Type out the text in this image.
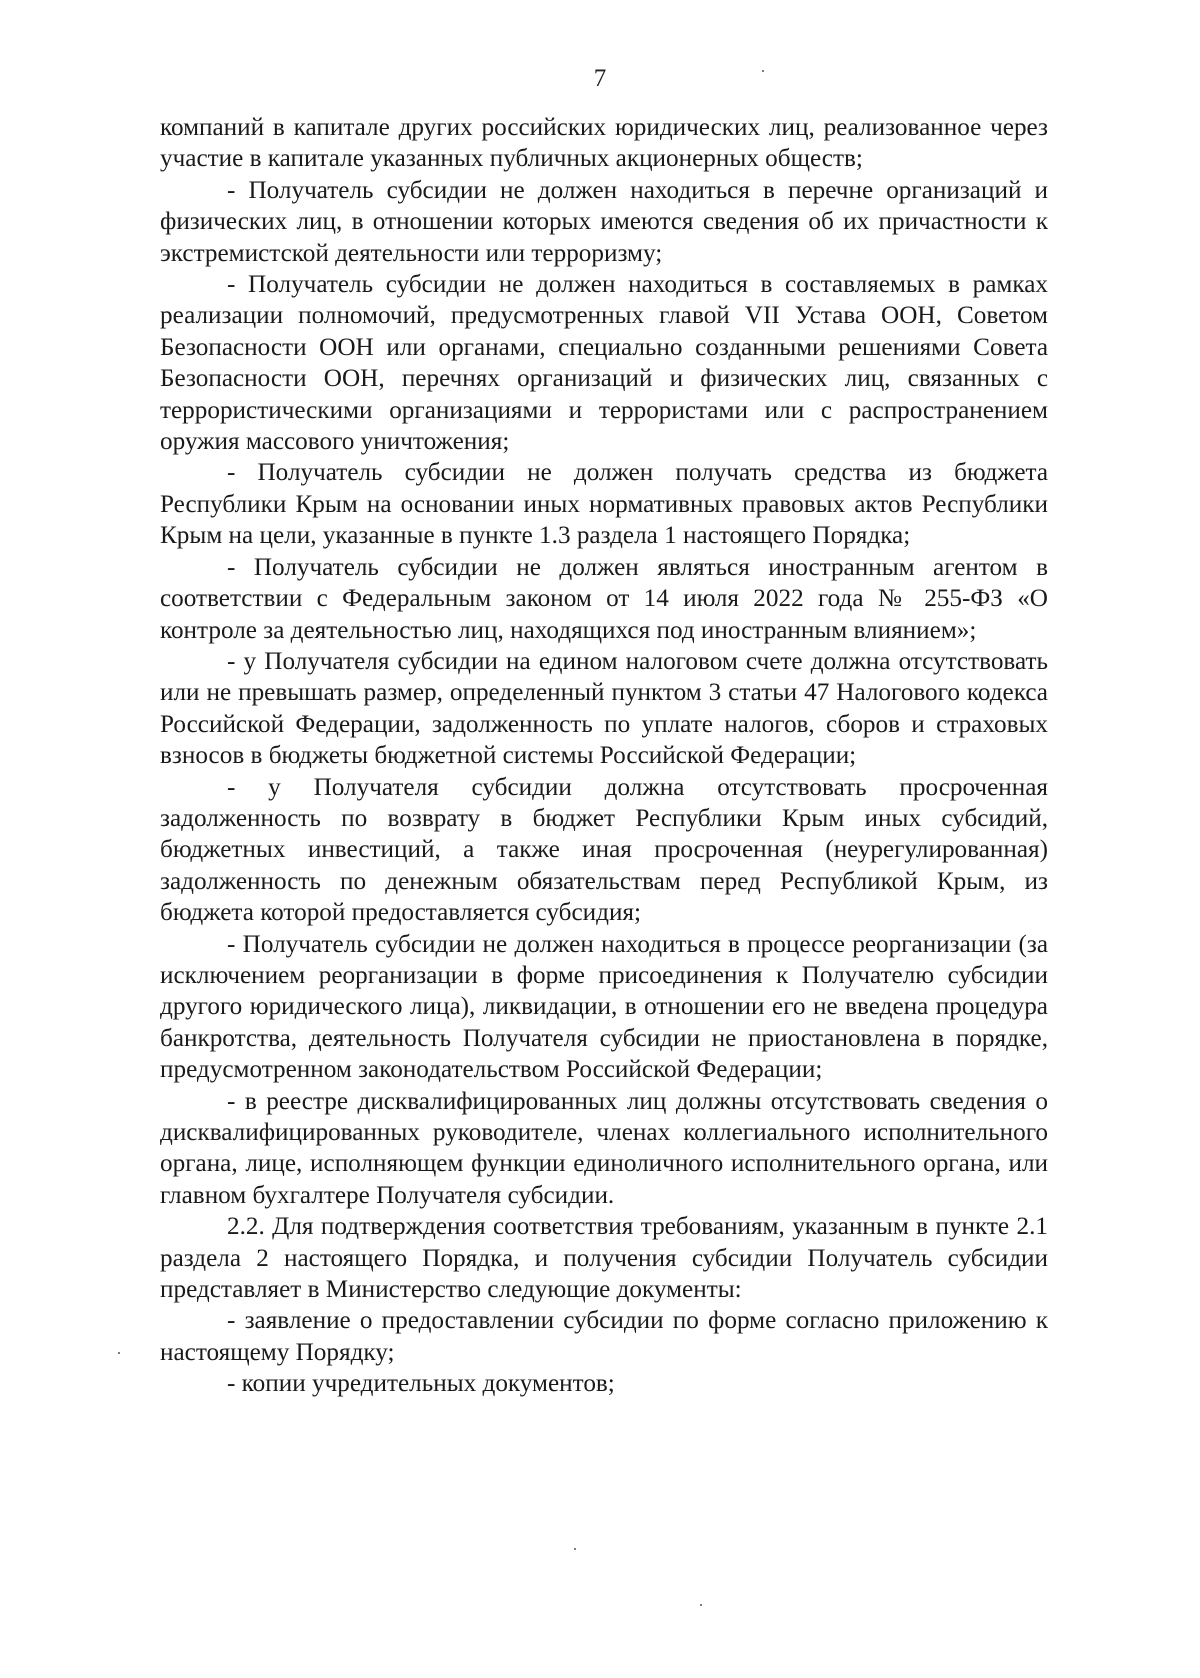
7

компаний в капитале других российских юридических лиц, реализованное через участие в капитале указанных публичных акционерных обществ;

- Получатель субсидии не должен находиться в перечне организаций и физических лиц, в отношении которых имеются сведения об их причастности к экстремистской деятельности или терроризму;

- Получатель субсидии не должен находиться в составляемых в рамках реализации полномочий, предусмотренных главой VII Устава ООН, Советом Безопасности ООН или органами, специально созданными решениями Совета Безопасности ООН, перечнях организаций и физических лиц, связанных с террористическими организациями и террористами или с распространением оружия массового уничтожения;

- Получатель субсидии не должен получать средства из бюджета Республики Крым на основании иных нормативных правовых актов Республики Крым на цели, указанные в пункте 1.3 раздела 1 настоящего Порядка;

- Получатель субсидии не должен являться иностранным агентом в соответствии с Федеральным законом от 14 июля 2022 года № 255-ФЗ «О контроле за деятельностью лиц, находящихся под иностранным влиянием»;

- у Получателя субсидии на едином налоговом счете должна отсутствовать или не превышать размер, определенный пунктом 3 статьи 47 Налогового кодекса Российской Федерации, задолженность по уплате налогов, сборов и страховых взносов в бюджеты бюджетной системы Российской Федерации;

- у Получателя субсидии должна отсутствовать просроченная задолженность по возврату в бюджет Республики Крым иных субсидий, бюджетных инвестиций, а также иная просроченная (неурегулированная) задолженность по денежным обязательствам перед Республикой Крым, из бюджета которой предоставляется субсидия;

- Получатель субсидии не должен находиться в процессе реорганизации (за исключением реорганизации в форме присоединения к Получателю субсидии другого юридического лица), ликвидации, в отношении его не введена процедура банкротства, деятельность Получателя субсидии не приостановлена в порядке, предусмотренном законодательством Российской Федерации;

- в реестре дисквалифицированных лиц должны отсутствовать сведения о дисквалифицированных руководителе, членах коллегиального исполнительного органа, лице, исполняющем функции единоличного исполнительного органа, или главном бухгалтере Получателя субсидии.

2.2. Для подтверждения соответствия требованиям, указанным в пункте 2.1 раздела 2 настоящего Порядка, и получения субсидии Получатель субсидии представляет в Министерство следующие документы:

- заявление о предоставлении субсидии по форме согласно приложению к настоящему Порядку;

- копии учредительных документов;
